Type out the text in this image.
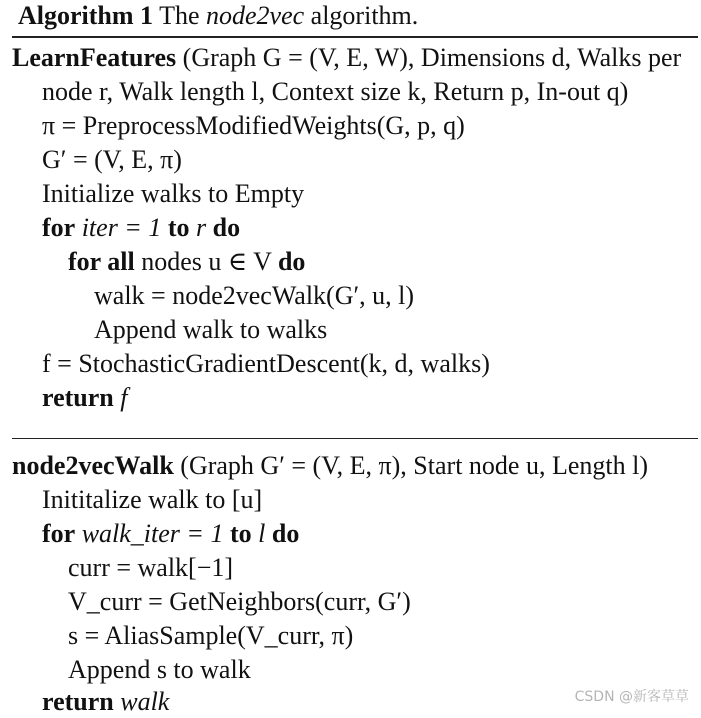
Algorithm 1 The node2vec algorithm.
LearnFeatures (Graph G = (V, E, W), Dimensions d, Walks per
node r, Walk length l, Context size k, Return p, In-out q)
π = PreprocessModifiedWeights(G, p, q)
G′ = (V, E, π)
Initialize walks to Empty
for iter = 1 to r do
for all nodes u ∈ V do
walk = node2vecWalk(G′, u, l)
Append walk to walks
f = StochasticGradientDescent(k, d, walks)
return f
node2vecWalk (Graph G′ = (V, E, π), Start node u, Length l)
Inititalize walk to [u]
for walk_iter = 1 to l do
curr = walk[−1]
V_curr = GetNeighbors(curr, G′)
s = AliasSample(V_curr, π)
Append s to walk
return walk	CSDN @新客草草
